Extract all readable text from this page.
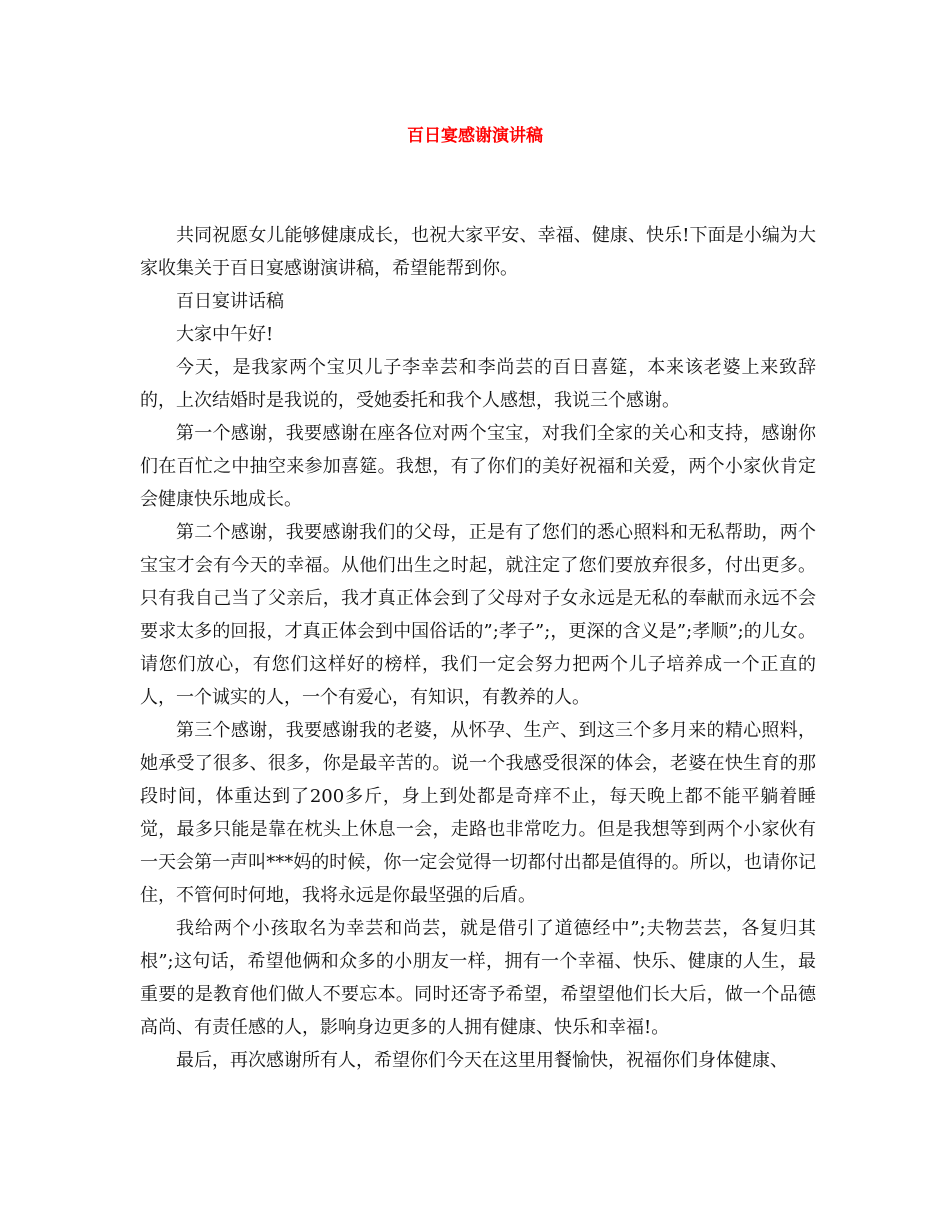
百日宴感谢演讲稿

共同祝愿女儿能够健康成长，也祝大家平安、幸福、健康、快乐!下面是小编为大家收集关于百日宴感谢演讲稿，希望能帮到你。

百日宴讲话稿

大家中午好!

今天，是我家两个宝贝儿子李幸芸和李尚芸的百日喜筵，本来该老婆上来致辞的，上次结婚时是我说的，受她委托和我个人感想，我说三个感谢。

第一个感谢，我要感谢在座各位对两个宝宝，对我们全家的关心和支持，感谢你们在百忙之中抽空来参加喜筵。我想，有了你们的美好祝福和关爱，两个小家伙肯定会健康快乐地成长。

第二个感谢，我要感谢我们的父母，正是有了您们的悉心照料和无私帮助，两个宝宝才会有今天的幸福。从他们出生之时起，就注定了您们要放弃很多，付出更多。只有我自己当了父亲后，我才真正体会到了父母对子女永远是无私的奉献而永远不会要求太多的回报，才真正体会到中国俗话的”;孝子”;，更深的含义是”;孝顺”;的儿女。请您们放心，有您们这样好的榜样，我们一定会努力把两个儿子培养成一个正直的人，一个诚实的人，一个有爱心，有知识，有教养的人。

第三个感谢，我要感谢我的老婆，从怀孕、生产、到这三个多月来的精心照料，她承受了很多、很多，你是最辛苦的。说一个我感受很深的体会，老婆在快生育的那段时间，体重达到了200多斤，身上到处都是奇痒不止，每天晚上都不能平躺着睡觉，最多只能是靠在枕头上休息一会，走路也非常吃力。但是我想等到两个小家伙有一天会第一声叫***妈的时候，你一定会觉得一切都付出都是值得的。所以，也请你记住，不管何时何地，我将永远是你最坚强的后盾。

我给两个小孩取名为幸芸和尚芸，就是借引了道德经中”;夫物芸芸，各复归其根”;这句话，希望他俩和众多的小朋友一样，拥有一个幸福、快乐、健康的人生，最重要的是教育他们做人不要忘本。同时还寄予希望，希望望他们长大后，做一个品德高尚、有责任感的人，影响身边更多的人拥有健康、快乐和幸福!。

最后，再次感谢所有人，希望你们今天在这里用餐愉快，祝福你们身体健康、
